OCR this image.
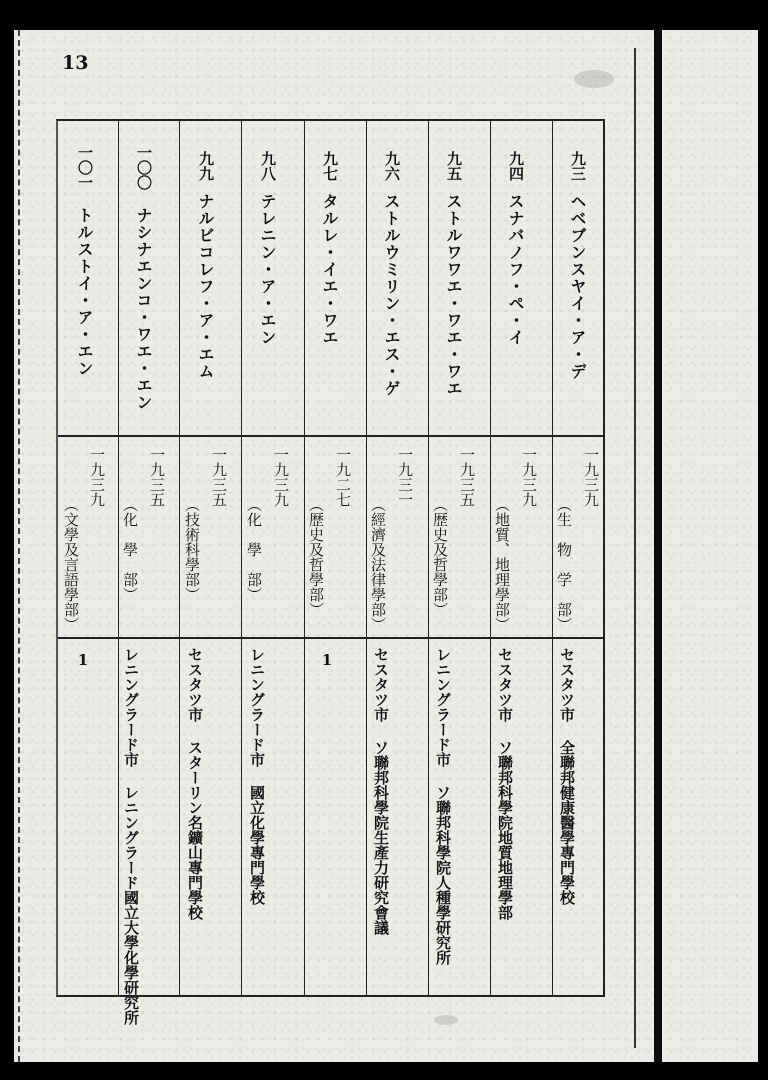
13
九三
ヘベブンスヤイ・ア・デ
一九三九
（生　物　学　部）
セスタツ市 全聯邦健康醫學專門學校
九四
スナバノフ・ペ・イ
一九三九
（地質、地理學部）
セスタツ市 ソ聯邦科學院地質地理學部
九五
ストルワワエ・ワエ・ワエ
一九三五
（歴史及哲學部）
レニングラード市 ソ聯邦科學院人種學研究所
九六
ストルウミリン・エス・ゲ
一九三一
（經濟及法律學部）
セスタツ市 ソ聯邦科學院生產力研究會議
九七
タルレ・イエ・ワエ
一九二七
（歴史及哲學部）
1
九八
テレニン・ア・エン
一九三九
（化　學　部）
レニングラード市 國立化學專門學校
九九
ナルビコレフ・ア・エム
一九三五
（技術科學部）
セスタツ市 スターリン名鑛山專門學校
一〇〇
ナシナエンコ・ワエ・エン
一九三五
（化　學　部）
レニングラード市 レニングラード國立大學化學研究所
一〇一
トルストイ・ア・エン
一九三九
（文學及言語學部）
1
